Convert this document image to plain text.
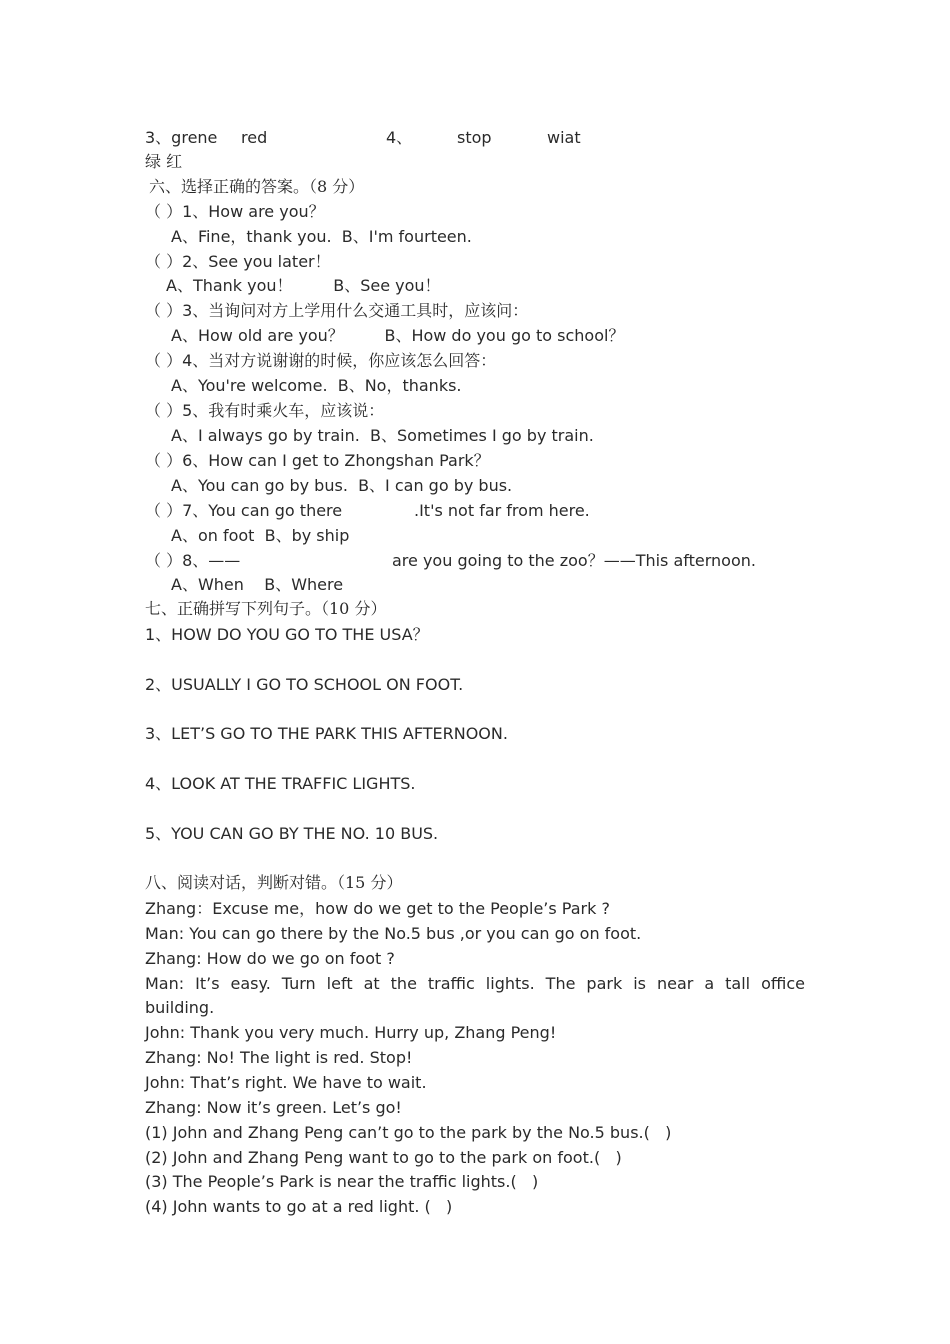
3、grene red	4、	stop	wiat
绿 红
六、选择正确的答案。（8 分）
（ ）1、How are you？
A、Fine，thank you.  B、I'm fourteen.
（ ）2、See you later！
A、Thank you！        B、See you！
（ ）3、当询问对方上学用什么交通工具时，应该问：
A、How old are you？        B、How do you go to school？
（ ）4、当对方说谢谢的时候，你应该怎么回答：
A、You're welcome.  B、No，thanks.
（ ）5、我有时乘火车，应该说：
A、I always go by train.  B、Sometimes I go by train.
（ ）6、How can I get to Zhongshan Park？
A、You can go by bus.  B、I can go by bus.
（ ）7、You can go there	.It's not far from here.
A、on foot  B、by ship
（ ）8、——	are you going to the zoo？——This afternoon.
A、When    B、Where
七、正确拼写下列句子。（10 分）
1、HOW DO YOU GO TO THE USA？
2、USUALLY I GO TO SCHOOL ON FOOT.
3、LET’S GO TO THE PARK THIS AFTERNOON.
4、LOOK AT THE TRAFFIC LIGHTS.
5、YOU CAN GO BY THE NO. 10 BUS.
八、阅读对话，判断对错。（15 分）
Zhang：Excuse me，how do we get to the People’s Park ?
Man: You can go there by the No.5 bus ,or you can go on foot.
Zhang: How do we go on foot ?
Man: It’s easy. Turn left at the traffic lights. The park is near a tall office
building.
John: Thank you very much. Hurry up, Zhang Peng!
Zhang: No! The light is red. Stop!
John: That’s right. We have to wait.
Zhang: Now it’s green. Let’s go!
(1) John and Zhang Peng can’t go to the park by the No.5 bus.(   )
(2) John and Zhang Peng want to go to the park on foot.(   )
(3) The People’s Park is near the traffic lights.(   )
(4) John wants to go at a red light. (   )
